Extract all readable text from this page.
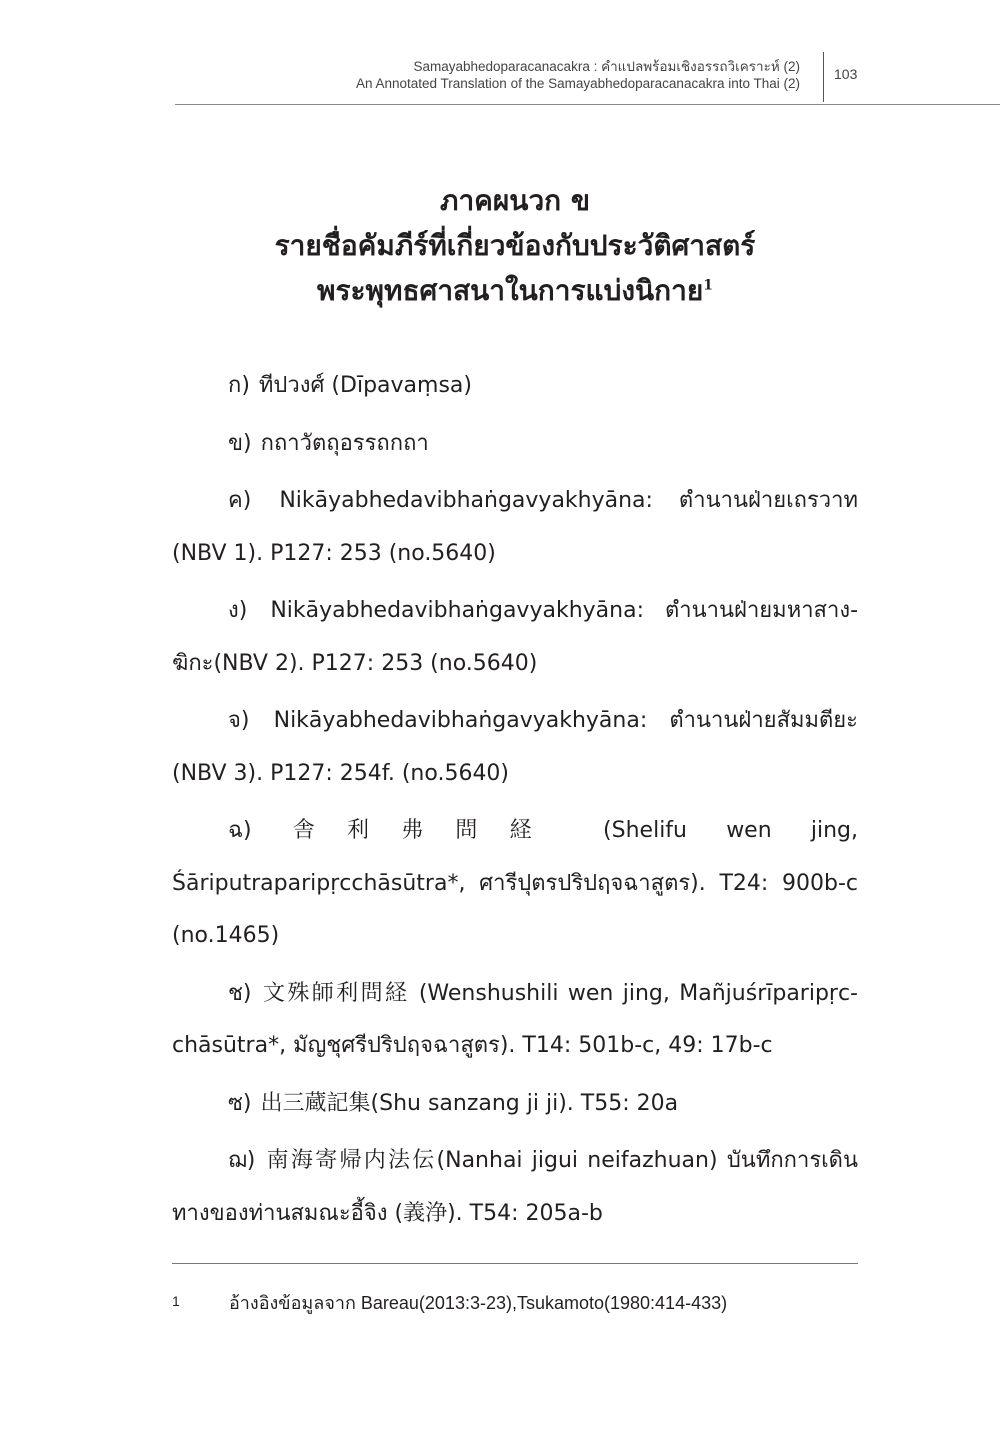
Samayabhedoparacanacakra : คำแปลพร้อมเชิงอรรถวิเคราะห์ (2)
An Annotated Translation of the Samayabhedoparacanacakra into Thai (2)
103
ภาคผนวก ข
รายชื่อคัมภีร์ที่เกี่ยวข้องกับประวัติศาสตร์
พระพุทธศาสนาในการแบ่งนิกาย$^1$

ก) ทีปวงศ์ (Dīpavaṃsa)

ข) กถาวัตถุอรรถกถา

ค) Nikāyabhedavibhaṅgavyakhyāna: ตำนานฝ่ายเถรวาท (NBV 1). P127: 253 (no.5640)

ง) Nikāyabhedavibhaṅgavyakhyāna: ตำนานฝ่ายมหาสาง-ฆิกะ(NBV 2). P127: 253 (no.5640)

จ) Nikāyabhedavibhaṅgavyakhyāna: ตำนานฝ่ายสัมมตียะ (NBV 3). P127: 254f. (no.5640)

ฉ) 舎利弗問経 (Shelifu wen jing, Śāriputraparipṛcchāsūtra*, ศารีปุตรปริปฤจฉาสูตร). T24: 900b-c (no.1465)

ช) 文殊師利問経 (Wenshushili wen jing, Mañjuśrīparipṛc-chāsūtra*, มัญชุศรีปริปฤจฉาสูตร). T14: 501b-c, 49: 17b-c

ซ) 出三蔵記集(Shu sanzang ji ji). T55: 20a

ฌ) 南海寄帰内法伝(Nanhai jigui neifazhuan) บันทึกการเดินทางของท่านสมณะอี้จิง (義浄). T54: 205a-b

1	อ้างอิงข้อมูลจาก Bareau(2013:3-23),Tsukamoto(1980:414-433)
